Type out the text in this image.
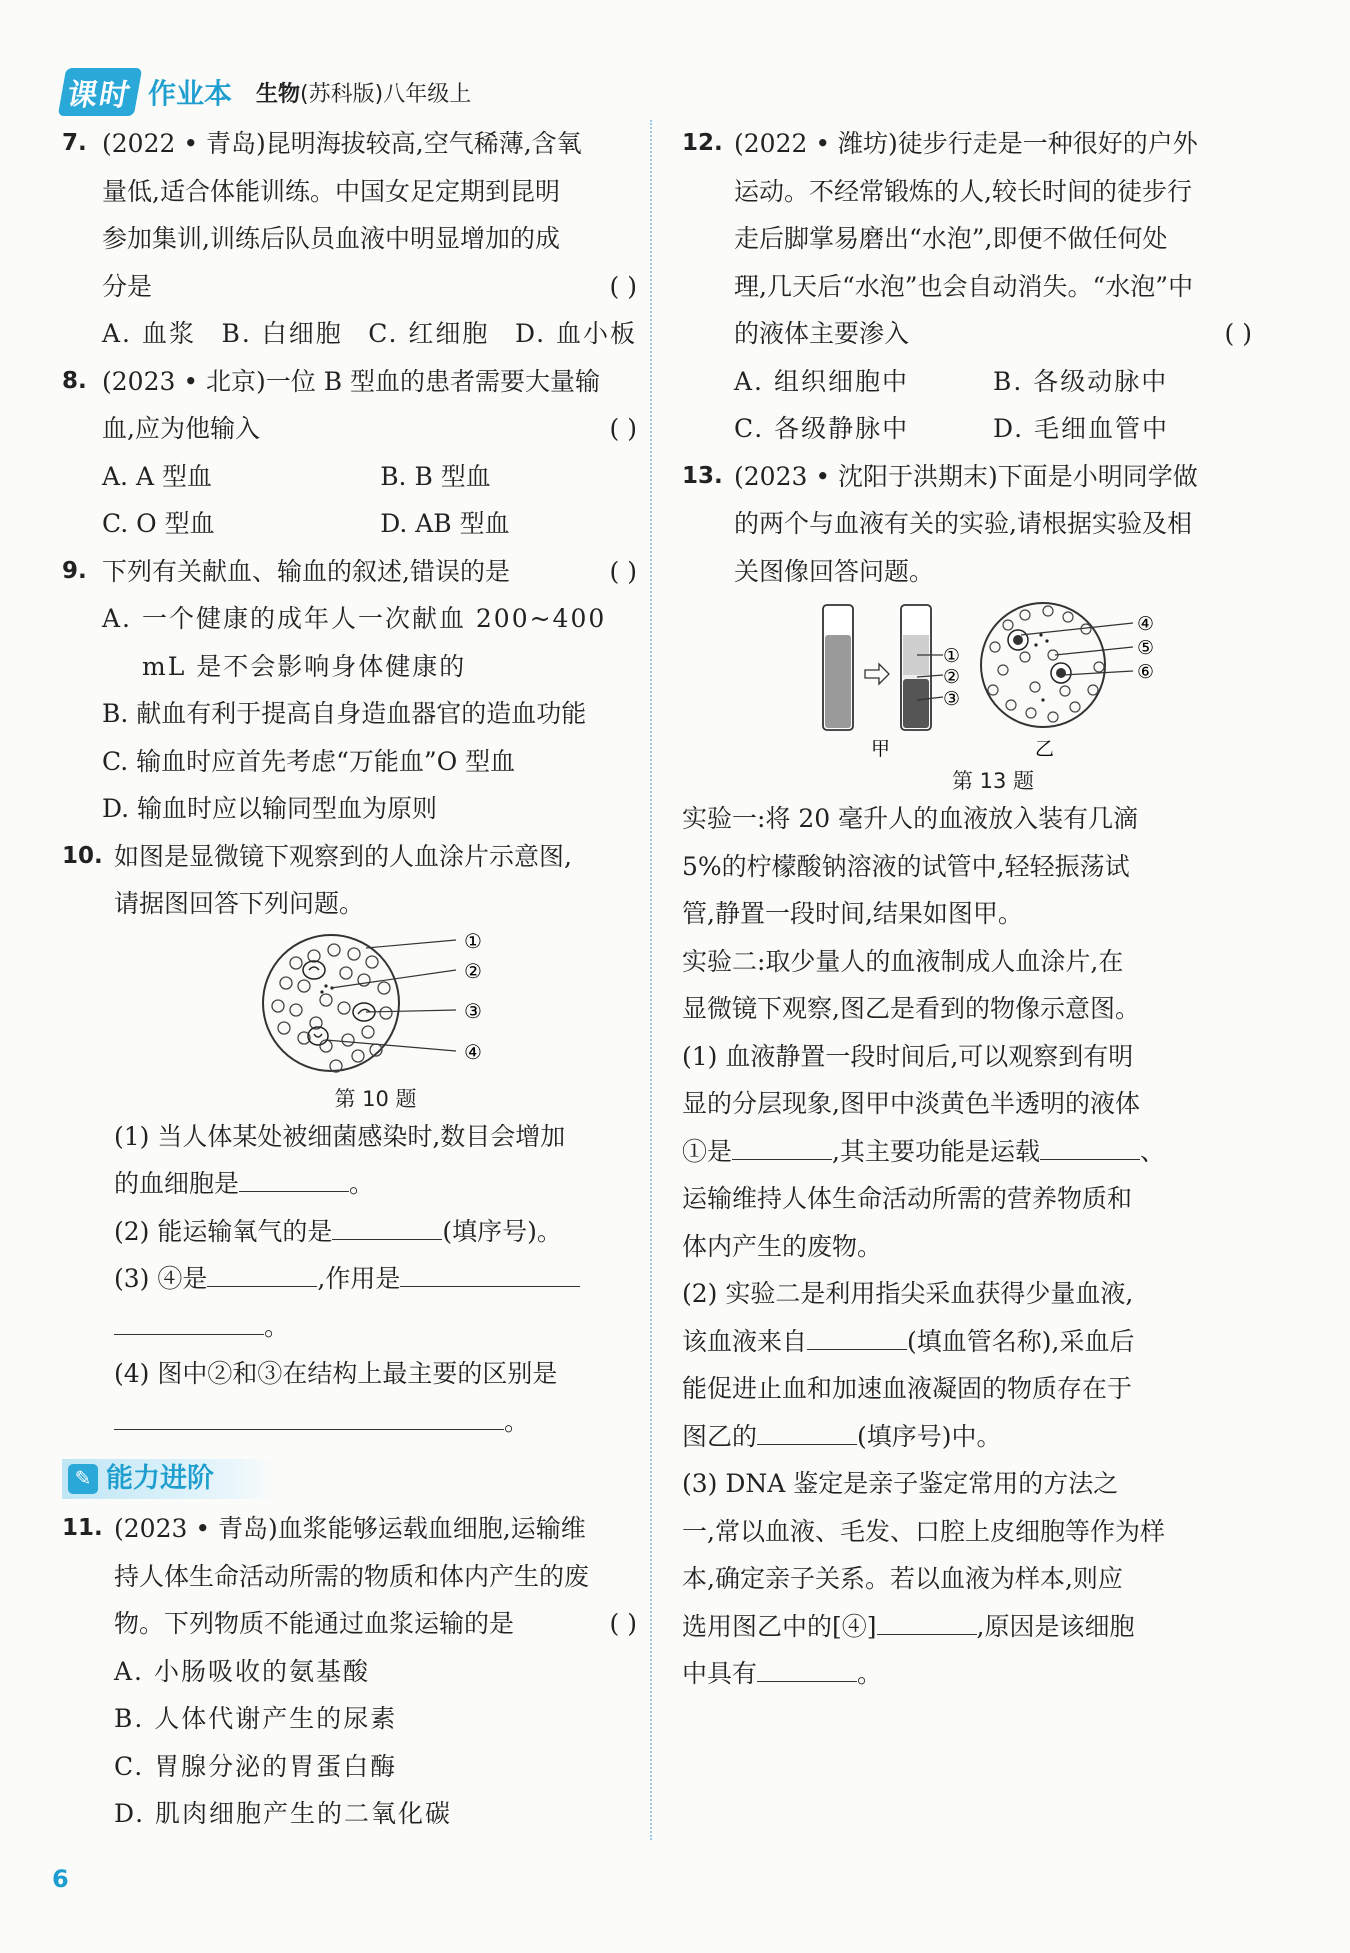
课时 作业本 生物(苏科版)八年级上
7. (2022 • 青岛)昆明海拔较高,空气稀薄,含氧
量低,适合体能训练。中国女足定期到昆明
参加集训,训练后队员血液中明显增加的成
分是	( )
A. 血浆 B. 白细胞 C. 红细胞 D. 血小板
8. (2023 • 北京)一位 B 型血的患者需要大量输
血,应为他输入	( )
A. A 型血	B. B 型血
C. O 型血	D. AB 型血
9. 下列有关献血、输血的叙述,错误的是	( )
A. 一个健康的成年人一次献血 200~400 mL 是不会影响身体健康的
B. 献血有利于提高自身造血器官的造血功能
C. 输血时应首先考虑“万能血”O 型血
D. 输血时应以输同型血为原则
10. 如图是显微镜下观察到的人血涂片示意图,
请据图回答下列问题。
①
②
③
④
第 10 题
(1) 当人体某处被细菌感染时,数目会增加
的血细胞是	。
(2) 能运输氧气的是	(填序号)。
(3) ④是	,作用是
。
(4) 图中②和③在结构上最主要的区别是
。
✎ 能力进阶
11. (2023 • 青岛)血浆能够运载血细胞,运输维
持人体生命活动所需的物质和体内产生的废
物。下列物质不能通过血浆运输的是	( )
A. 小肠吸收的氨基酸
B. 人体代谢产生的尿素
C. 胃腺分泌的胃蛋白酶
D. 肌肉细胞产生的二氧化碳
12. (2022 • 潍坊)徒步行走是一种很好的户外
运动。不经常锻炼的人,较长时间的徒步行
走后脚掌易磨出“水泡”,即便不做任何处
理,几天后“水泡”也会自动消失。“水泡”中
的液体主要渗入	( )
A. 组织细胞中	B. 各级动脉中
C. 各级静脉中	D. 毛细血管中
13. (2023 • 沈阳于洪期末)下面是小明同学做
的两个与血液有关的实验,请根据实验及相
关图像回答问题。
①
②
③
④
⑤
⑥
甲	乙
第 13 题
实验一:将 20 毫升人的血液放入装有几滴
5%的柠檬酸钠溶液的试管中,轻轻振荡试
管,静置一段时间,结果如图甲。
实验二:取少量人的血液制成人血涂片,在
显微镜下观察,图乙是看到的物像示意图。
(1) 血液静置一段时间后,可以观察到有明
显的分层现象,图甲中淡黄色半透明的液体
①是	,其主要功能是运载	、
运输维持人体生命活动所需的营养物质和
体内产生的废物。
(2) 实验二是利用指尖采血获得少量血液,
该血液来自	(填血管名称),采血后
能促进止血和加速血液凝固的物质存在于
图乙的	(填序号)中。
(3) DNA 鉴定是亲子鉴定常用的方法之
一,常以血液、毛发、口腔上皮细胞等作为样
本,确定亲子关系。若以血液为样本,则应
选用图乙中的[④]	,原因是该细胞
中具有	。
6
